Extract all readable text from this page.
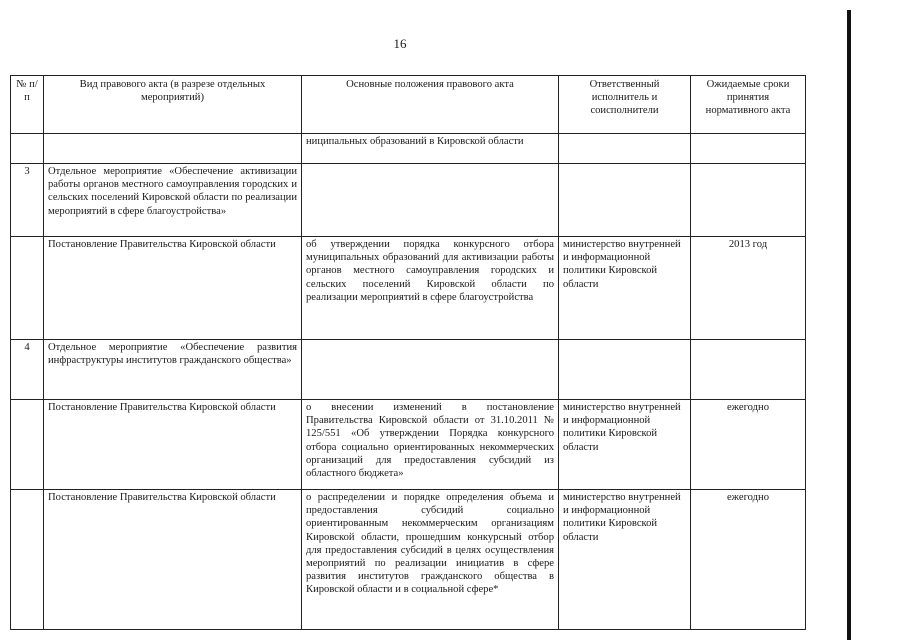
16
№ п/п	Вид правового акта (в разрезе отдельных мероприятий)	Основные положения правового акта	Ответственный исполнитель и соисполнители	Ожидаемые сроки принятия нормативного акта
		ниципальных образований в Кировской области		
3	Отдельное мероприятие «Обеспечение активизации работы органов местного самоуправления городских и сельских поселений Кировской области по реализации мероприятий в сфере благоустройства»			
	Постановление Правительства Кировской области	об утверждении порядка конкурсного отбора муниципальных образований для активизации работы органов местного самоуправления городских и сельских поселений Кировской области по реализации мероприятий в сфере благоустройства	министерство внутренней и информационной политики Кировской области	2013 год
4	Отдельное мероприятие «Обеспечение развития инфраструктуры институтов гражданского общества»			
	Постановление Правительства Кировской области	о внесении изменений в постановление Правительства Кировской области от 31.10.2011 № 125/551 «Об утверждении Порядка конкурсного отбора социально ориентированных некоммерческих организаций для предоставления субсидий из областного бюджета»	министерство внутренней и информационной политики Кировской области	ежегодно
	Постановление Правительства Кировской области	о распределении и порядке определения объема и предоставления субсидий социально ориентированным некоммерческим организациям Кировской области, прошедшим конкурсный отбор для предоставления субсидий в целях осуществления мероприятий по реализации инициатив в сфере развития институтов гражданского общества в Кировской области и в социальной сфере*	министерство внутренней и информационной политики Кировской области	ежегодно
